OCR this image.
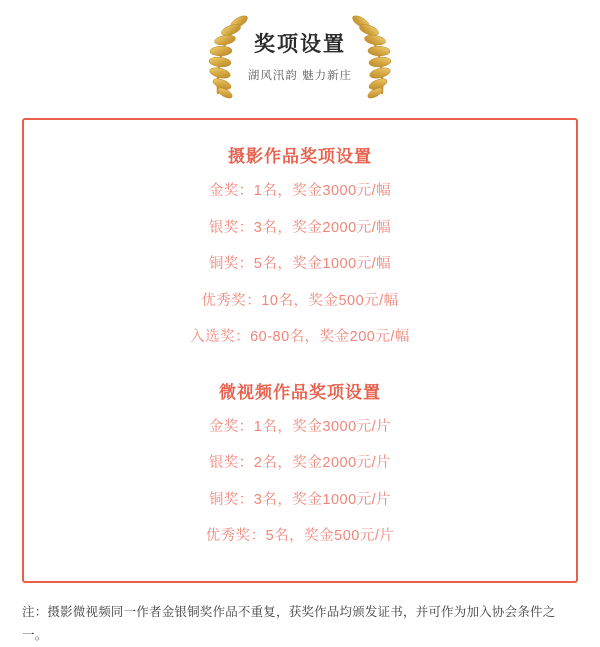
奖项设置
湖风汛韵 魅力新庄
摄影作品奖项设置
金奖：1名，奖金3000元/幅
银奖：3名，奖金2000元/幅
铜奖：5名，奖金1000元/幅
优秀奖：10名，奖金500元/幅
入选奖：60-80名，奖金200元/幅
微视频作品奖项设置
金奖：1名，奖金3000元/片
银奖：2名，奖金2000元/片
铜奖：3名，奖金1000元/片
优秀奖：5名，奖金500元/片
注：摄影微视频同一作者金银铜奖作品不重复，获奖作品均颁发证书，并可作为加入协会条件之一。
